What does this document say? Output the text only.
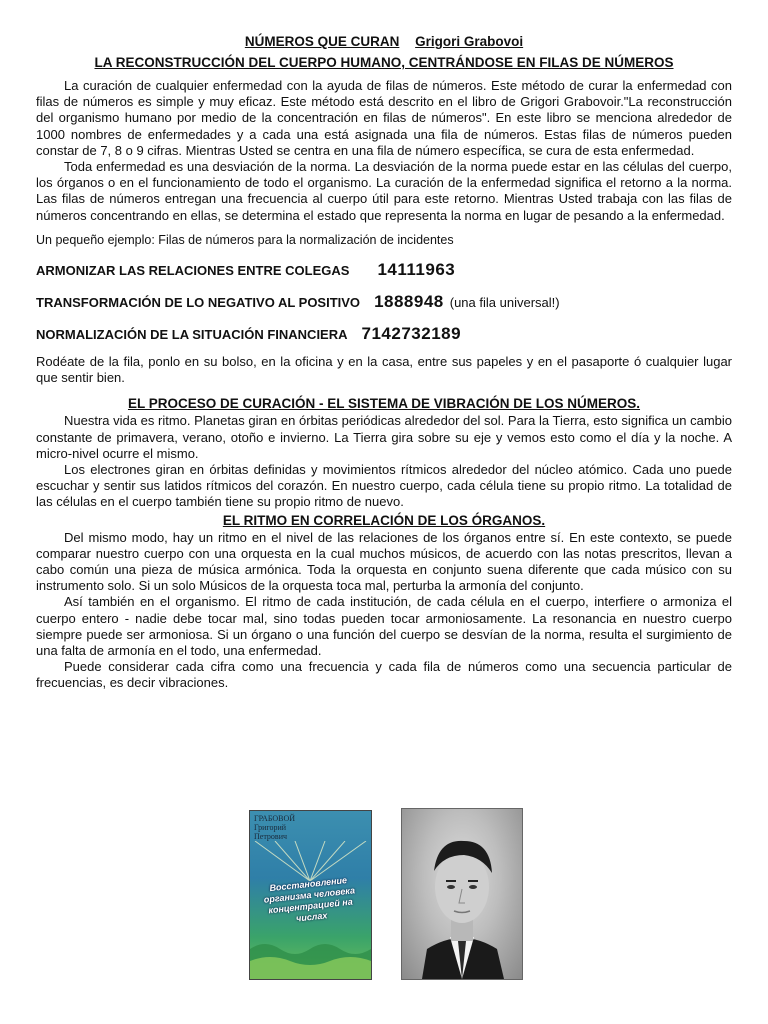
NÚMEROS QUE CURAN Grigori Grabovoi
LA RECONSTRUCCIÓN DEL CUERPO HUMANO, CENTRÁNDOSE EN FILAS DE NÚMEROS

La curación de cualquier enfermedad con la ayuda de filas de números. Este método de curar la enfermedad con filas de números es simple y muy eficaz. Este método está descrito en el libro de Grigori Grabovoir."La reconstrucción del organismo humano por medio de la concentración en filas de números". En este libro se menciona alrededor de 1000 nombres de enfermedades y a cada una está asignada una fila de números. Estas filas de números pueden constar de 7, 8 o 9 cifras. Mientras Usted se centra en una fila de número específica, se cura de esta enfermedad.

Toda enfermedad es una desviación de la norma. La desviación de la norma puede estar en las células del cuerpo, los órganos o en el funcionamiento de todo el organismo. La curación de la enfermedad significa el retorno a la norma. Las filas de números entregan una frecuencia al cuerpo útil para este retorno. Mientras Usted trabaja con las filas de números concentrando en ellas, se determina el estado que representa la norma en lugar de pesando a la enfermedad.

Un pequeño ejemplo: Filas de números para la normalización de incidentes

ARMONIZAR LAS RELACIONES ENTRE COLEGAS 14111963
TRANSFORMACIÓN DE LO NEGATIVO AL POSITIVO 1888948 (una fila universal!)
NORMALIZACIÓN DE LA SITUACIÓN FINANCIERA 7142732189

Rodéate de la fila, ponlo en su bolso, en la oficina y en la casa, entre sus papeles y en el pasaporte ó cualquier lugar que sentir bien.

EL PROCESO DE CURACIÓN - EL SISTEMA DE VIBRACIÓN DE LOS NÚMEROS.

Nuestra vida es ritmo. Planetas giran en órbitas periódicas alrededor del sol. Para la Tierra, esto significa un cambio constante de primavera, verano, otoño e invierno. La Tierra gira sobre su eje y vemos esto como el día y la noche. A micro-nivel ocurre el mismo.

Los electrones giran en órbitas definidas y movimientos rítmicos alrededor del núcleo atómico. Cada uno puede escuchar y sentir sus latidos rítmicos del corazón. En nuestro cuerpo, cada célula tiene su propio ritmo. La totalidad de las células en el cuerpo también tiene su propio ritmo de nuevo.

EL RITMO EN CORRELACIÓN DE LOS ÓRGANOS.

Del mismo modo, hay un ritmo en el nivel de las relaciones de los órganos entre sí. En este contexto, se puede comparar nuestro cuerpo con una orquesta en la cual muchos músicos, de acuerdo con las notas prescritos, llevan a cabo común una pieza de música armónica. Toda la orquesta en conjunto suena diferente que cada músico con su instrumento solo. Si un solo Músicos de la orquesta toca mal, perturba la armonía del conjunto.

Así también en el organismo. El ritmo de cada institución, de cada célula en el cuerpo, interfiere o armoniza el cuerpo entero - nadie debe tocar mal, sino todas pueden tocar armoniosamente. La resonancia en nuestro cuerpo siempre puede ser armoniosa. Si un órgano o una función del cuerpo se desvían de la norma, resulta el surgimiento de una falta de armonía en el todo, una enfermedad.

Puede considerar cada cifra como una frecuencia y cada fila de números como una secuencia particular de frecuencias, es decir vibraciones.

ГРАБОВОЙ
Григорий
Петрович
Восстановление организма человека концентрацией на числах
